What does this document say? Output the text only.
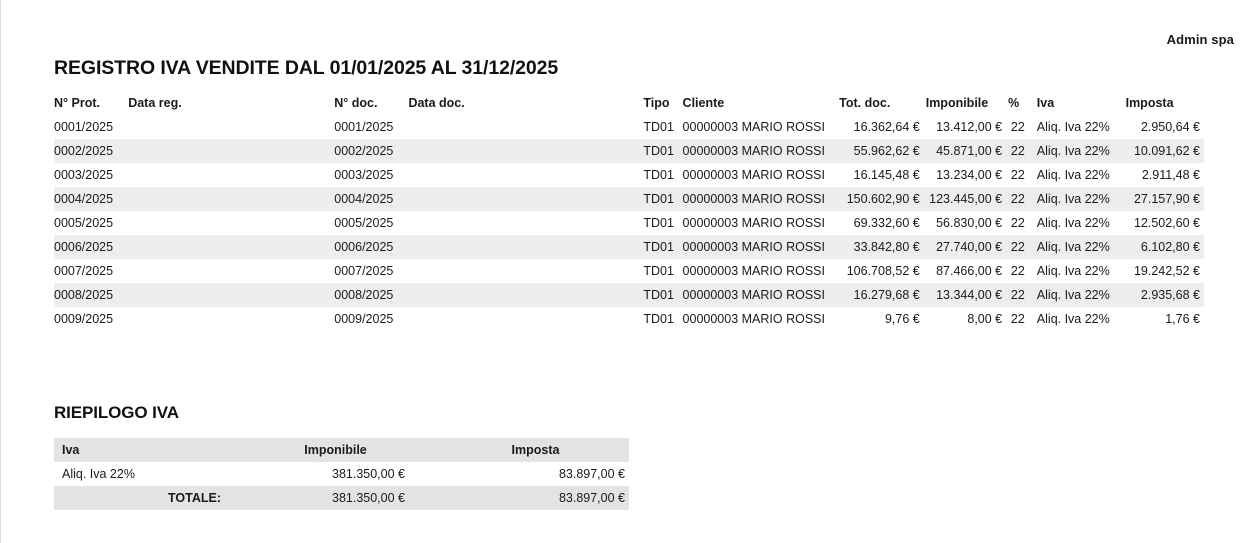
Admin spa
REGISTRO IVA VENDITE DAL 01/01/2025 AL 31/12/2025
N° Prot.	Data reg.	N° doc.	Data doc.	Tipo	Cliente	Tot. doc.	Imponibile	%	Iva	Imposta
0001/2025		0001/2025		TD01	00000003 MARIO ROSSI	16.362,64 €	13.412,00 €	22	Aliq. Iva 22%	2.950,64 €
0002/2025		0002/2025		TD01	00000003 MARIO ROSSI	55.962,62 €	45.871,00 €	22	Aliq. Iva 22%	10.091,62 €
0003/2025		0003/2025		TD01	00000003 MARIO ROSSI	16.145,48 €	13.234,00 €	22	Aliq. Iva 22%	2.911,48 €
0004/2025		0004/2025		TD01	00000003 MARIO ROSSI	150.602,90 €	123.445,00 €	22	Aliq. Iva 22%	27.157,90 €
0005/2025		0005/2025		TD01	00000003 MARIO ROSSI	69.332,60 €	56.830,00 €	22	Aliq. Iva 22%	12.502,60 €
0006/2025		0006/2025		TD01	00000003 MARIO ROSSI	33.842,80 €	27.740,00 €	22	Aliq. Iva 22%	6.102,80 €
0007/2025		0007/2025		TD01	00000003 MARIO ROSSI	106.708,52 €	87.466,00 €	22	Aliq. Iva 22%	19.242,52 €
0008/2025		0008/2025		TD01	00000003 MARIO ROSSI	16.279,68 €	13.344,00 €	22	Aliq. Iva 22%	2.935,68 €
0009/2025		0009/2025		TD01	00000003 MARIO ROSSI	9,76 €	8,00 €	22	Aliq. Iva 22%	1,76 €
RIEPILOGO IVA
Iva	Imponibile	Imposta
Aliq. Iva 22%	381.350,00 €	83.897,00 €
TOTALE:	381.350,00 €	83.897,00 €
